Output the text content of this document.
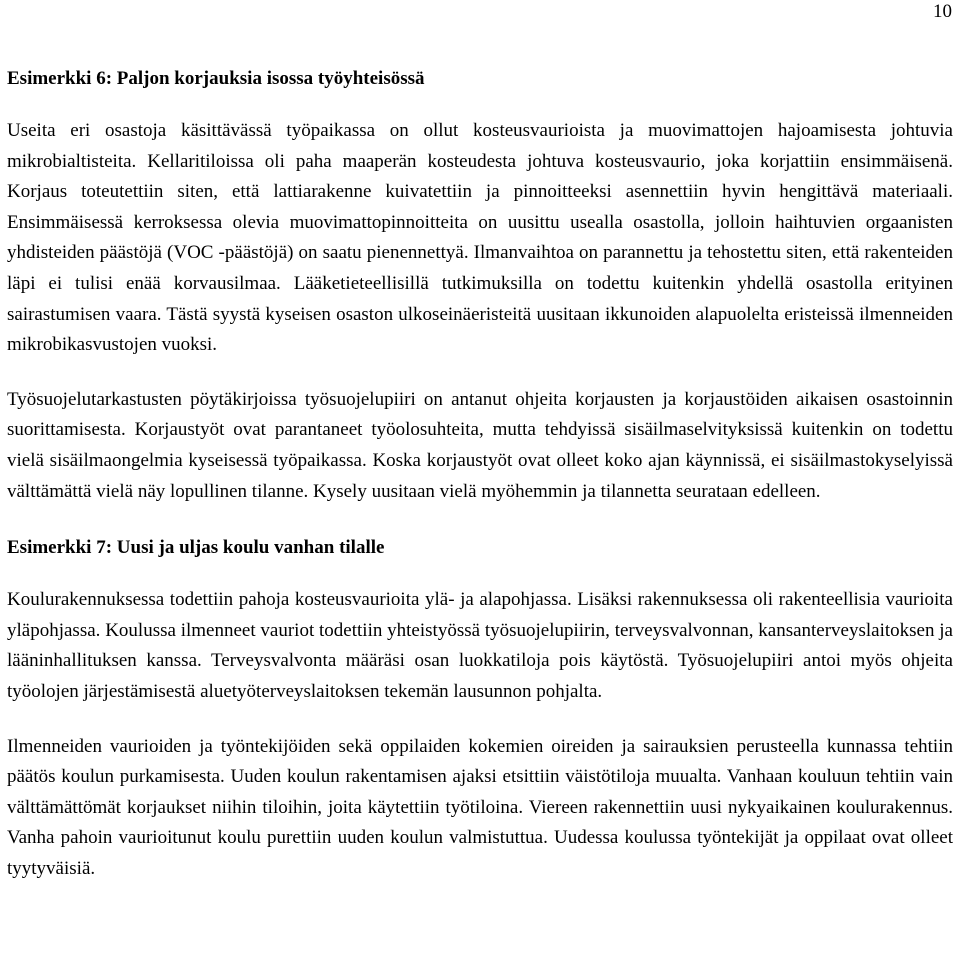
10
Esimerkki 6: Paljon korjauksia isossa työyhteisössä

Useita eri osastoja käsittävässä työpaikassa on ollut kosteusvaurioista ja muovimattojen hajoamisesta johtuvia mikrobialtisteita. Kellaritiloissa oli paha maaperän kosteudesta johtuva kosteusvaurio, joka korjattiin ensimmäisenä. Korjaus toteutettiin siten, että lattiarakenne kuivatettiin ja pinnoitteeksi asennettiin hyvin hengittävä materiaali. Ensimmäisessä kerroksessa olevia muovimattopinnoitteita on uusittu usealla osastolla, jolloin haihtuvien orgaanisten yhdisteiden päästöjä (VOC -päästöjä) on saatu pienennettyä. Ilmanvaihtoa on parannettu ja tehostettu siten, että rakenteiden läpi ei tulisi enää korvausilmaa. Lääketieteellisillä tutkimuksilla on todettu kuitenkin yhdellä osastolla erityinen sairastumisen vaara. Tästä syystä kyseisen osaston ulkoseinäeristeitä uusitaan ikkunoiden alapuolelta eristeissä ilmenneiden mikrobikasvustojen vuoksi.

Työsuojelutarkastusten pöytäkirjoissa työsuojelupiiri on antanut ohjeita korjausten ja korjaustöiden aikaisen osastoinnin suorittamisesta. Korjaustyöt ovat parantaneet työolosuhteita, mutta tehdyissä sisäilmaselvityksissä kuitenkin on todettu vielä sisäilmaongelmia kyseisessä työpaikassa. Koska korjaustyöt ovat olleet koko ajan käynnissä, ei sisäilmastokyselyissä välttämättä vielä näy lopullinen tilanne. Kysely uusitaan vielä myöhemmin ja tilannetta seurataan edelleen.

Esimerkki 7: Uusi ja uljas koulu vanhan tilalle

Koulurakennuksessa todettiin pahoja kosteusvaurioita ylä- ja alapohjassa. Lisäksi rakennuksessa oli rakenteellisia vaurioita yläpohjassa. Koulussa ilmenneet vauriot todettiin yhteistyössä työsuojelupiirin, terveysvalvonnan, kansanterveyslaitoksen ja lääninhallituksen kanssa. Terveysvalvonta määräsi osan luokkatiloja pois käytöstä. Työsuojelupiiri antoi myös ohjeita työolojen järjestämisestä aluetyöterveyslaitoksen tekemän lausunnon pohjalta.

Ilmenneiden vaurioiden ja työntekijöiden sekä oppilaiden kokemien oireiden ja sairauksien perusteella kunnassa tehtiin päätös koulun purkamisesta. Uuden koulun rakentamisen ajaksi etsittiin väistötiloja muualta. Vanhaan kouluun tehtiin vain välttämättömät korjaukset niihin tiloihin, joita käytettiin työtiloina. Viereen rakennettiin uusi nykyaikainen koulurakennus. Vanha pahoin vaurioitunut koulu purettiin uuden koulun valmistuttua. Uudessa koulussa työntekijät ja oppilaat ovat olleet tyytyväisiä.
